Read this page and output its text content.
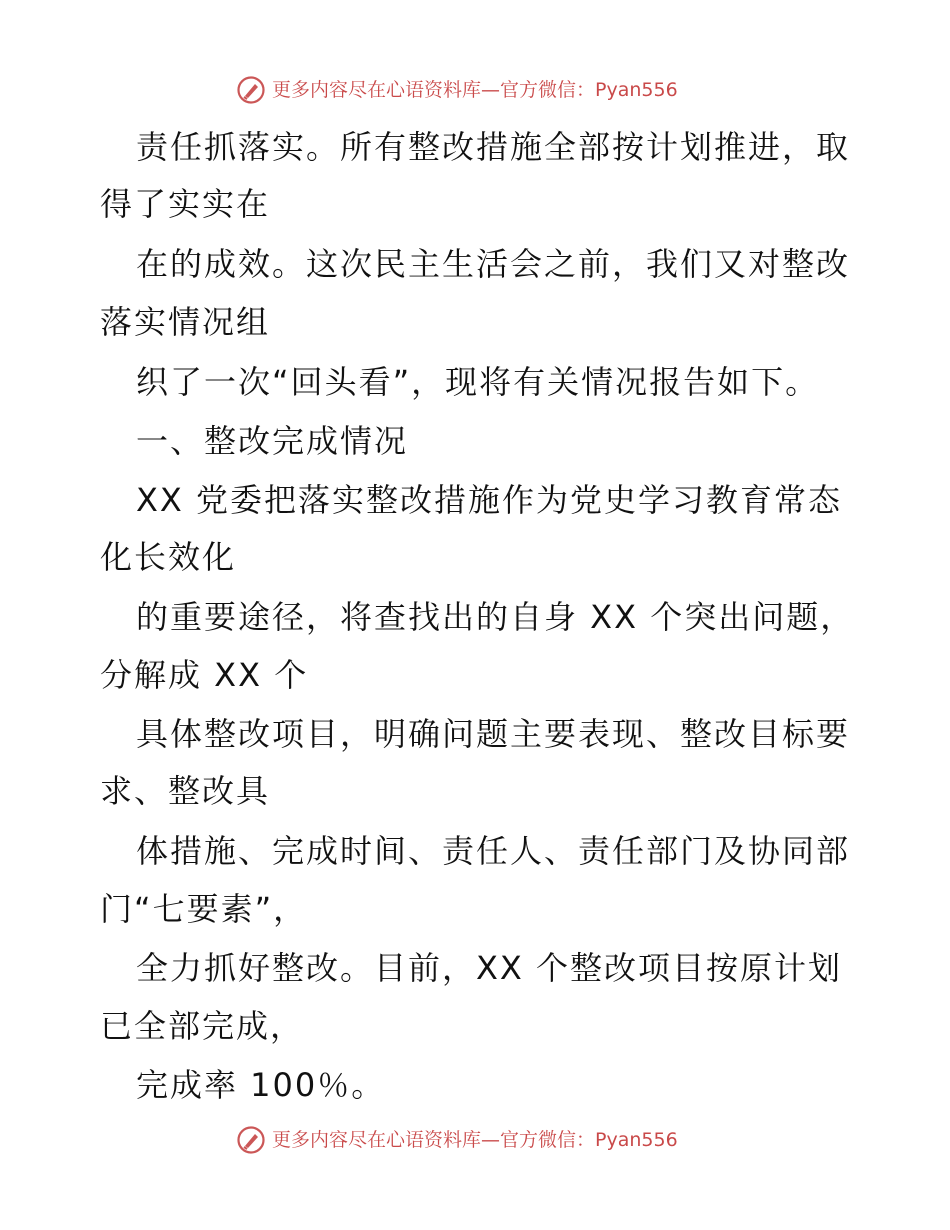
更多内容尽在心语资料库—官方微信：Pyan556
责任抓落实。所有整改措施全部按计划推进，取
得了实实在
在的成效。这次民主生活会之前，我们又对整改
落实情况组
织了一次“回头看”，现将有关情况报告如下。
一、整改完成情况
XX 党委把落实整改措施作为党史学习教育常态
化长效化
的重要途径，将查找出的自身 XX 个突出问题，
分解成 XX 个
具体整改项目，明确问题主要表现、整改目标要
求、整改具
体措施、完成时间、责任人、责任部门及协同部
门“七要素”，
全力抓好整改。目前，XX 个整改项目按原计划
已全部完成，
完成率 100％。
更多内容尽在心语资料库—官方微信：Pyan556
